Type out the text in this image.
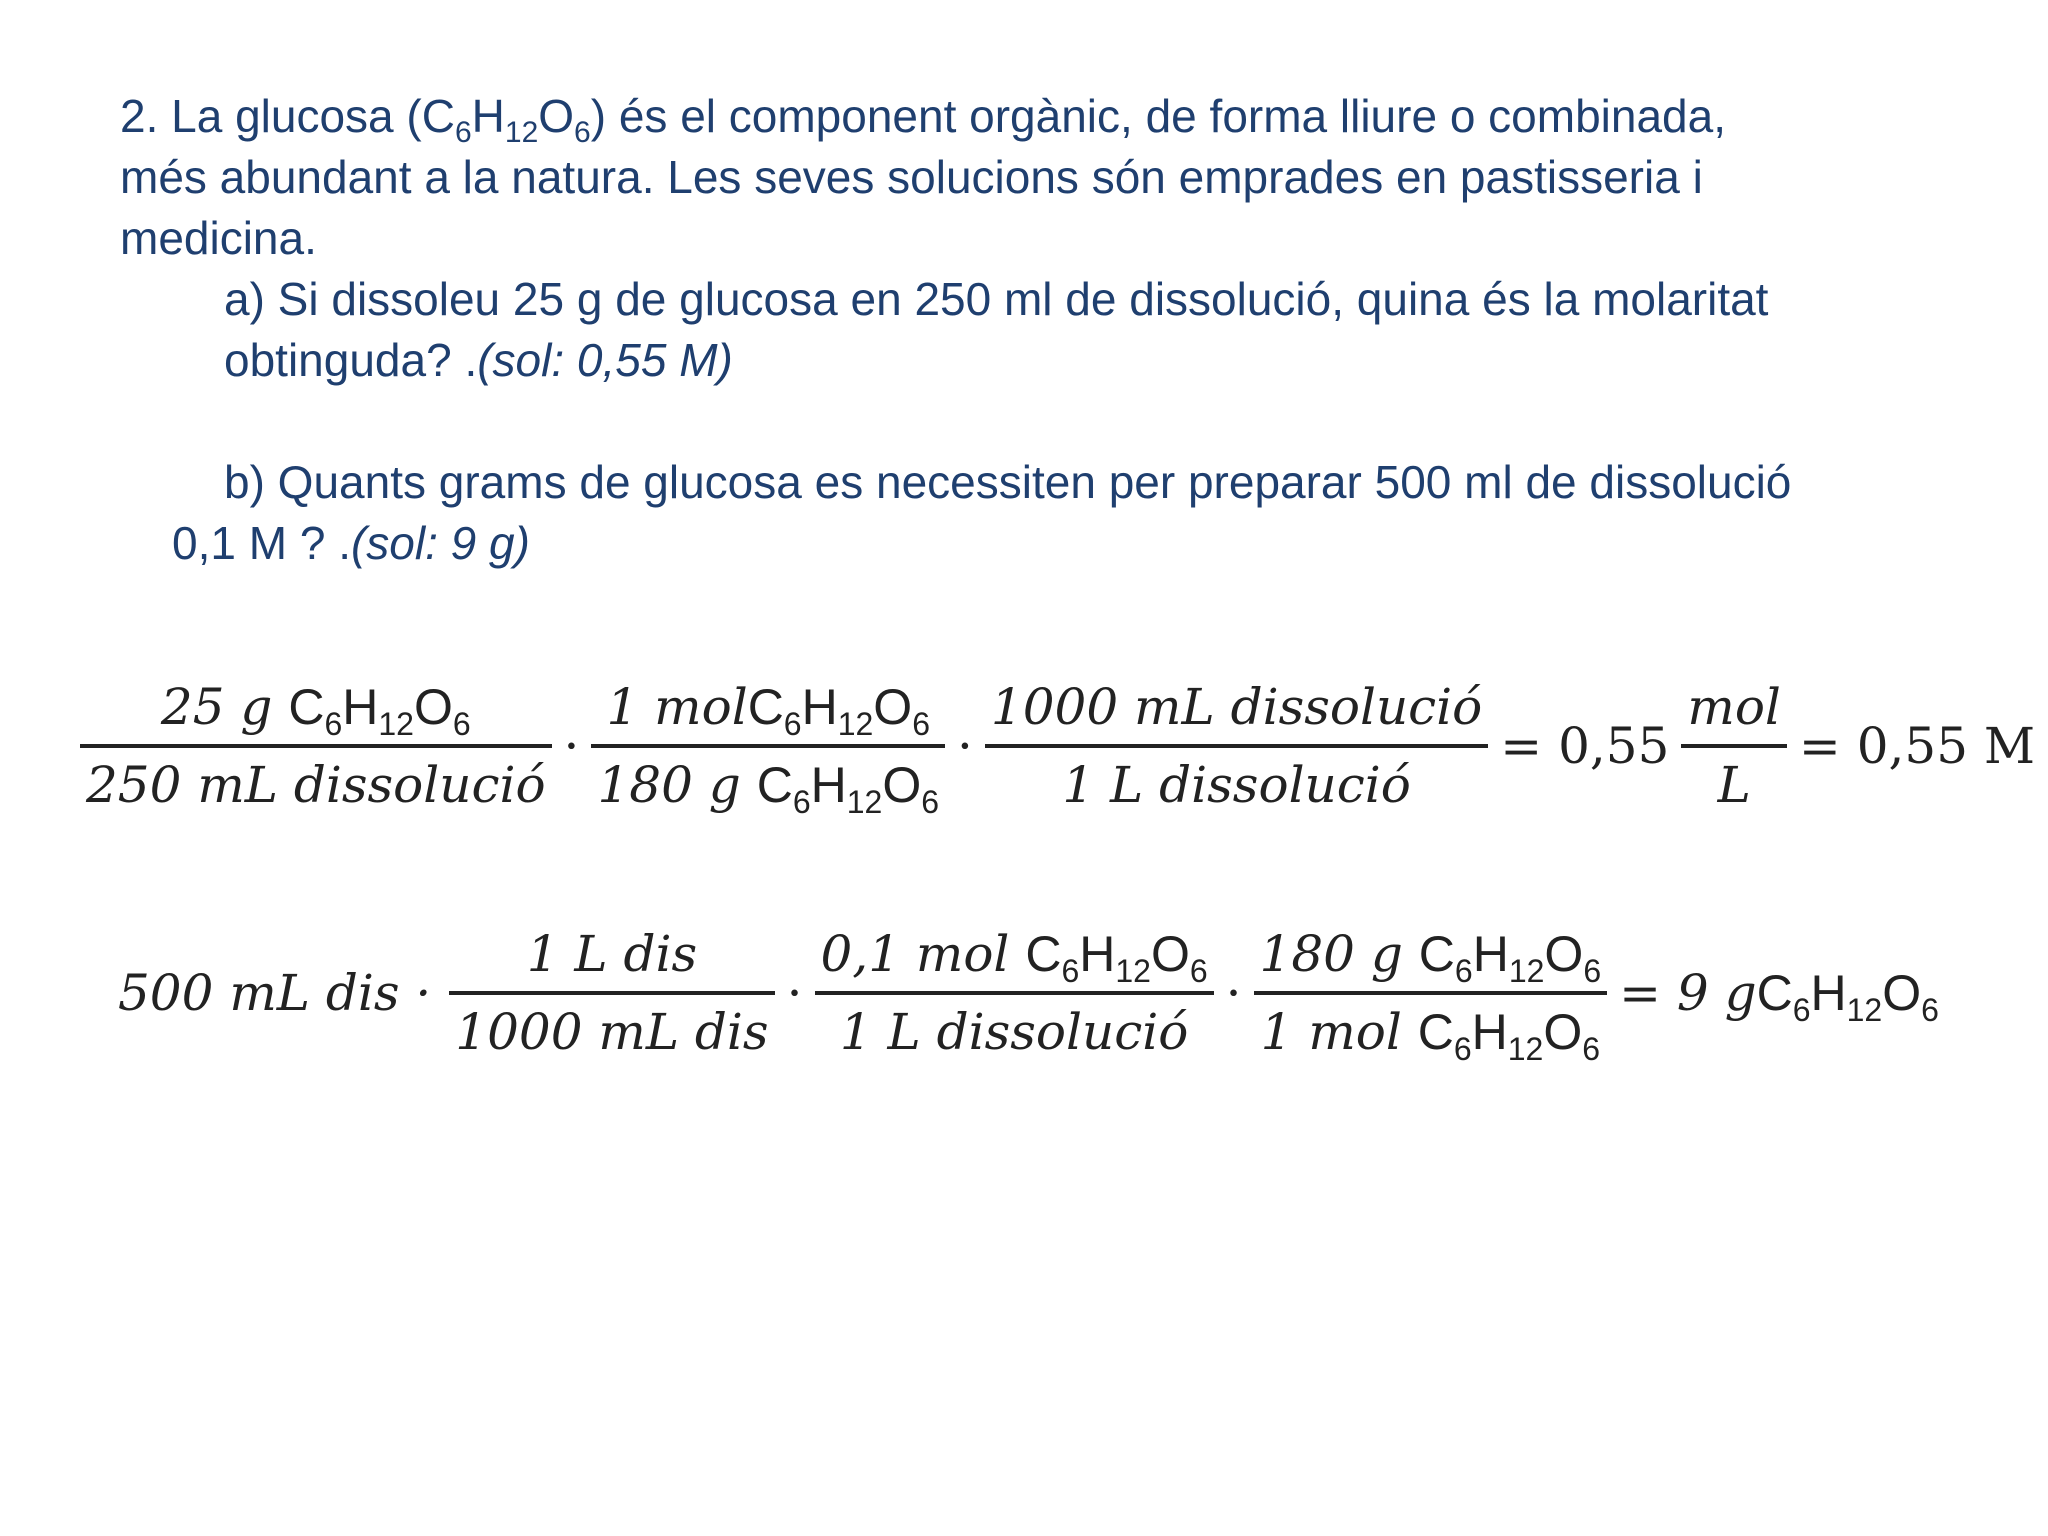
2. La glucosa $(C_6H_{12}O_6)$ és el component orgànic, de forma lliure o combinada,
més abundant a la natura. Les seves solucions són emprades en pastisseria i
medicina.
a) Si dissoleu 25 g de glucosa en 250 ml de dissolució, quina és la molaritat
obtinguda? .(sol: 0,55 M)
b) Quants grams de glucosa es necessiten per preparar 500 ml de dissolució
0,1 M ? .(sol: 9 g)
$\frac{25 g C_6H_{12}O_6}{\text{250 mL dissolució}} \cdot \frac{1 molC_6H_{12}O_6}{180 g C_6H_{12}O_6} \cdot \frac{\text{1000 mL dissolució}}{\text{1 L dissolució}} = 0,55 \frac{\text{mol}}{L} = 0,55$ M
500 mL dis · $\frac{\text{1 L dis}}{\text{1000 mL dis}} \cdot \frac{0,1 mol C_6H_{12}O_6}{\text{1 L dissolució}} \cdot \frac{180 g C_6H_{12}O_6}{1 mol C_6H_{12}O_6} = 9$ $gC_6H_{12}O_6$
